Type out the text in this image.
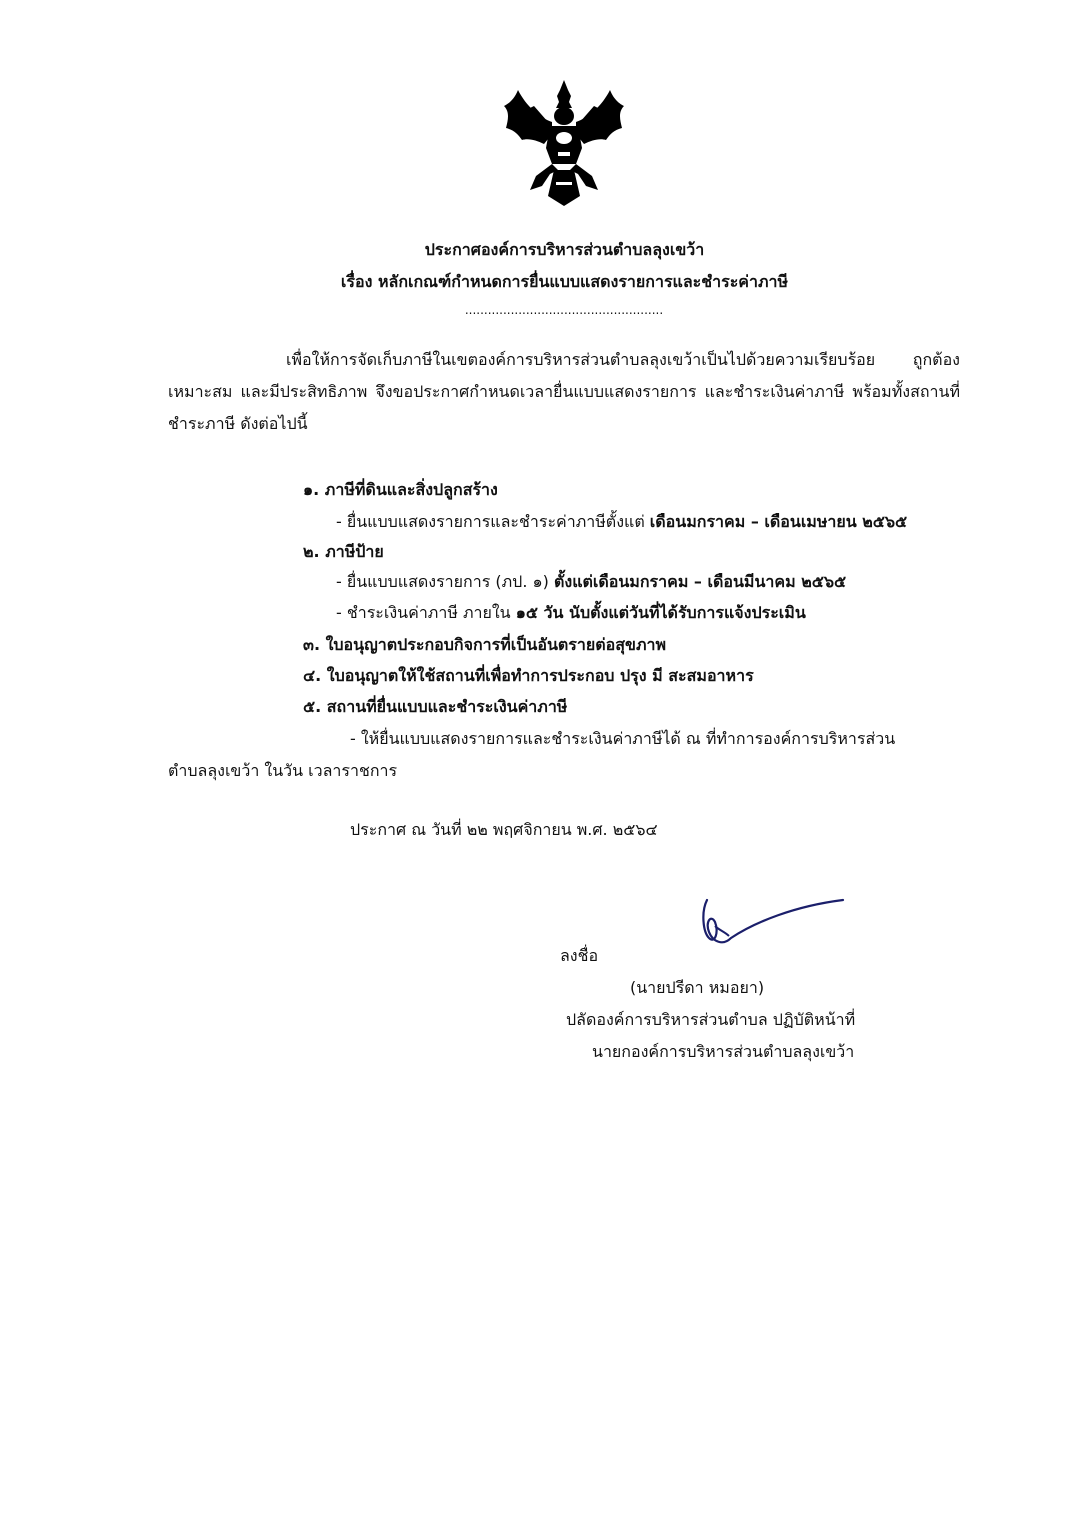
ประกาศองค์การบริหารส่วนตำบลลุงเขว้า
เรื่อง หลักเกณฑ์กำหนดการยื่นแบบแสดงรายการและชำระค่าภาษี
....................................................
เพื่อให้การจัดเก็บภาษีในเขตองค์การบริหารส่วนตำบลลุงเขว้าเป็นไปด้วยความเรียบร้อย ถูกต้องเหมาะสม และมีประสิทธิภาพ จึงขอประกาศกำหนดเวลายื่นแบบแสดงรายการ และชำระเงินค่าภาษี พร้อมทั้งสถานที่ชำระภาษี ดังต่อไปนี้
๑. ภาษีที่ดินและสิ่งปลูกสร้าง
- ยื่นแบบแสดงรายการและชำระค่าภาษีตั้งแต่ เดือนมกราคม – เดือนเมษายน ๒๕๖๕
๒. ภาษีป้าย
- ยื่นแบบแสดงรายการ (ภป. ๑) ตั้งแต่เดือนมกราคม – เดือนมีนาคม ๒๕๖๕
- ชำระเงินค่าภาษี ภายใน ๑๕ วัน นับตั้งแต่วันที่ได้รับการแจ้งประเมิน
๓. ใบอนุญาตประกอบกิจการที่เป็นอันตรายต่อสุขภาพ
๔. ใบอนุญาตให้ใช้สถานที่เพื่อทำการประกอบ ปรุง มี สะสมอาหาร
๕. สถานที่ยื่นแบบและชำระเงินค่าภาษี
- ให้ยื่นแบบแสดงรายการและชำระเงินค่าภาษีได้ ณ ที่ทำการองค์การบริหารส่วน
ตำบลลุงเขว้า ในวัน เวลาราชการ
ประกาศ ณ วันที่ ๒๒ พฤศจิกายน พ.ศ. ๒๕๖๔
ลงชื่อ
(นายปรีดา หมอยา)
ปลัดองค์การบริหารส่วนตำบล ปฏิบัติหน้าที่
นายกองค์การบริหารส่วนตำบลลุงเขว้า
